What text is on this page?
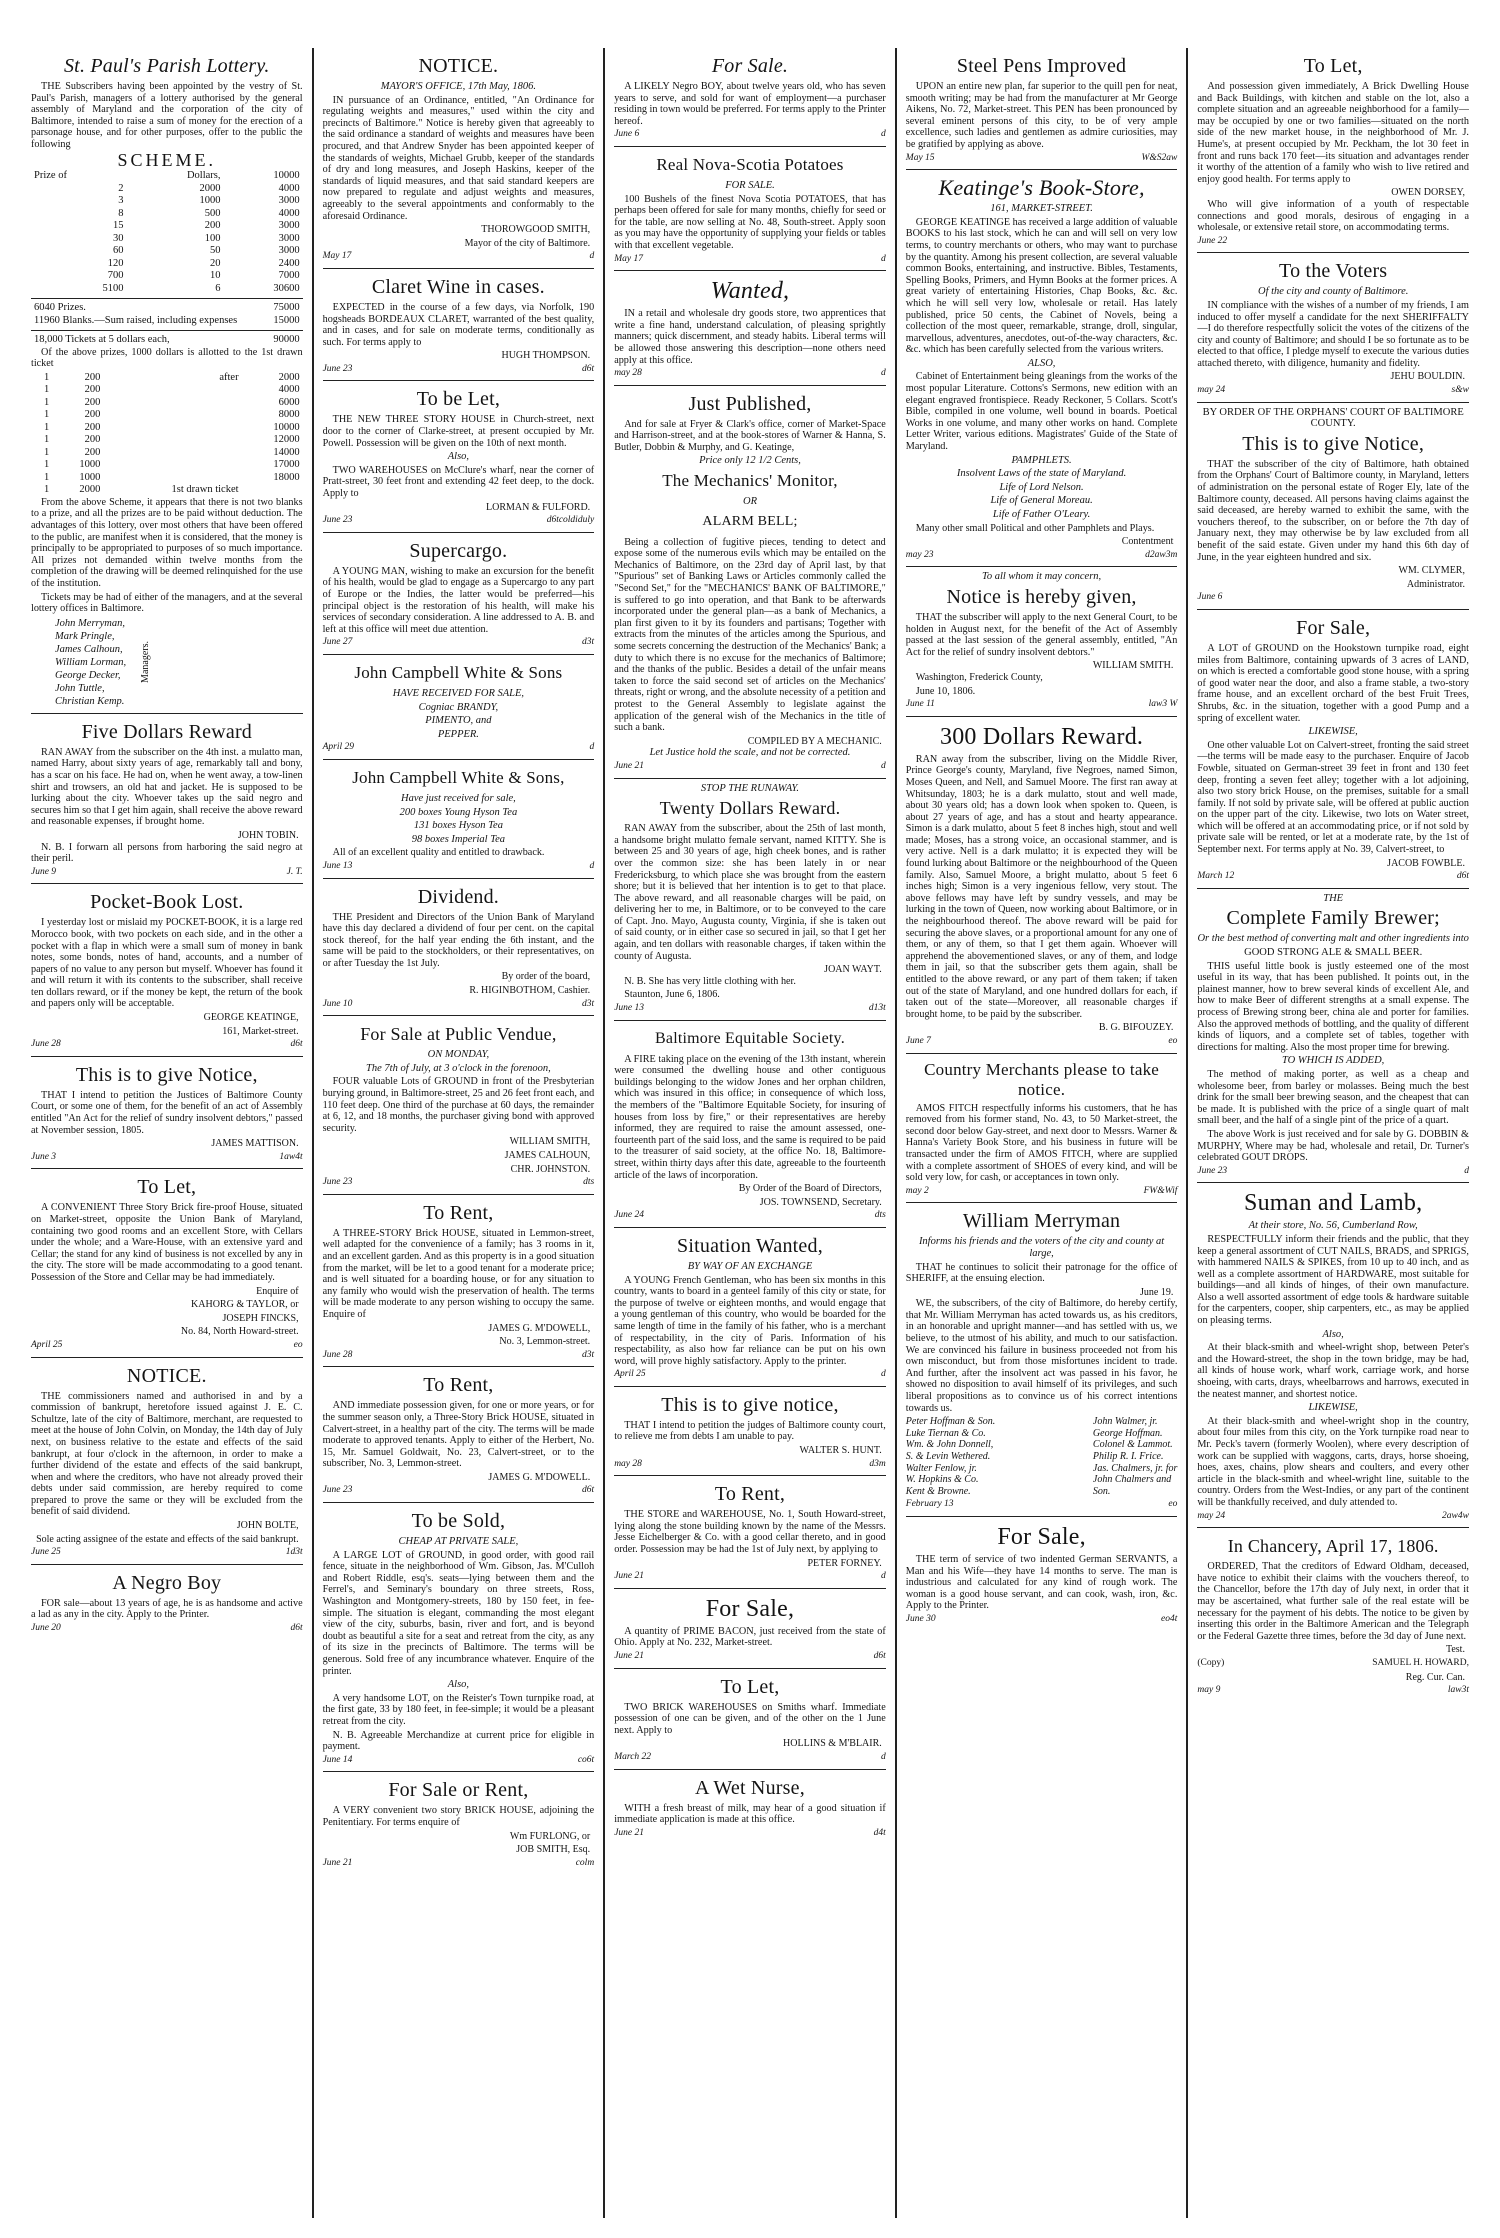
St. Paul's Parish Lottery.
THE Subscribers having been appointed by the vestry of St. Paul's Parish, managers of a lottery authorised by the general assembly of Maryland and the corporation of the city of Baltimore, intended to raise a sum of money for the erection of a parsonage house, and for other purposes, offer to the public the following
SCHEME.
Prize of	Dollars,	10000
2	2000	4000
3	1000	3000
8	500	4000
15	200	3000
30	100	3000
60	50	3000
120	20	2400
700	10	7000
5100	6	30600
6040 Prizes.	75000
11960 Blanks.—Sum raised, including expenses	15000
18,000 Tickets at 5 dollars each,	90000
Of the above prizes, 1000 dollars is allotted to the 1st drawn ticket
1	200	after	2000
1	200		4000
1	200		6000
1	200		8000
1	200		10000
1	200		12000
1	200		14000
1	1000		17000
1	1000		18000
1	2000	1st drawn ticket	
From the above Scheme, it appears that there is not two blanks to a prize, and all the prizes are to be paid without deduction. The advantages of this lottery, over most others that have been offered to the public, are manifest when it is considered, that the money is principally to be appropriated to purposes of so much importance. All prizes not demanded within twelve months from the completion of the drawing will be deemed relinquished for the use of the institution.
Tickets may be had of either of the managers, and at the several lottery offices in Baltimore.
John Merryman,
Mark Pringle,
James Calhoun,
William Lorman,
George Decker,
John Tuttle,
Christian Kemp.
Managers.
Five Dollars Reward
RAN AWAY from the subscriber on the 4th inst. a mulatto man, named Harry, about sixty years of age, remarkably tall and bony, has a scar on his face. He had on, when he went away, a tow-linen shirt and trowsers, an old hat and jacket. He is supposed to be lurking about the city. Whoever takes up the said negro and secures him so that I get him again, shall receive the above reward and reasonable expenses, if brought home.
JOHN TOBIN.
N. B. I forwarn all persons from harboring the said negro at their peril.
June 9	J. T.
Pocket-Book Lost.
I yesterday lost or mislaid my POCKET-BOOK, it is a large red Morocco book, with two pockets on each side, and in the other a pocket with a flap in which were a small sum of money in bank notes, some bonds, notes of hand, accounts, and a number of papers of no value to any person but myself. Whoever has found it and will return it with its contents to the subscriber, shall receive ten dollars reward, or if the money be kept, the return of the book and papers only will be acceptable.
GEORGE KEATINGE,
161, Market-street.
June 28	d6t
This is to give Notice,
THAT I intend to petition the Justices of Baltimore County Court, or some one of them, for the benefit of an act of Assembly entitled "An Act for the relief of sundry insolvent debtors," passed at November session, 1805.
JAMES MATTISON.
June 3	1aw4t
To Let,
A CONVENIENT Three Story Brick fire-proof House, situated on Market-street, opposite the Union Bank of Maryland, containing two good rooms and an excellent Store, with Cellars under the whole; and a Ware-House, with an extensive yard and Cellar; the stand for any kind of business is not excelled by any in the city. The store will be made accommodating to a good tenant. Possession of the Store and Cellar may be had immediately.
Enquire of
KAHORG & TAYLOR, or
JOSEPH FINCKS,
No. 84, North Howard-street.
April 25	eo
NOTICE.
THE commissioners named and authorised in and by a commission of bankrupt, heretofore issued against J. E. C. Schultze, late of the city of Baltimore, merchant, are requested to meet at the house of John Colvin, on Monday, the 14th day of July next, on business relative to the estate and effects of the said bankrupt, at four o'clock in the afternoon, in order to make a further dividend of the estate and effects of the said bankrupt, when and where the creditors, who have not already proved their debts under said commission, are hereby required to come prepared to prove the same or they will be excluded from the benefit of said dividend.
JOHN BOLTE,
Sole acting assignee of the estate and effects of the said bankrupt.
June 25	1d3t
A Negro Boy
FOR sale—about 13 years of age, he is as handsome and active a lad as any in the city. Apply to the Printer.
June 20	d6t
NOTICE.
MAYOR'S OFFICE, 17th May, 1806.
IN pursuance of an Ordinance, entitled, "An Ordinance for regulating weights and measures," used within the city and precincts of Baltimore." Notice is hereby given that agreeably to the said ordinance a standard of weights and measures have been procured, and that Andrew Snyder has been appointed keeper of the standards of weights, Michael Grubb, keeper of the standards of dry and long measures, and Joseph Haskins, keeper of the standards of liquid measures, and that said standard keepers are now prepared to regulate and adjust weights and measures, agreeably to the several appointments and conformably to the aforesaid Ordinance.
THOROWGOOD SMITH,
Mayor of the city of Baltimore.
May 17	d
Claret Wine in cases.
EXPECTED in the course of a few days, via Norfolk, 190 hogsheads BORDEAUX CLARET, warranted of the best quality, and in cases, and for sale on moderate terms, conditionally as such. For terms apply to
HUGH THOMPSON.
June 23	d6t
To be Let,
THE NEW THREE STORY HOUSE in Church-street, next door to the corner of Clarke-street, at present occupied by Mr. Powell. Possession will be given on the 10th of next month.
Also,
TWO WAREHOUSES on McClure's wharf, near the corner of Pratt-street, 30 feet front and extending 42 feet deep, to the dock. Apply to
LORMAN & FULFORD.
June 23	d6tcoldiduly
Supercargo.
A YOUNG MAN, wishing to make an excursion for the benefit of his health, would be glad to engage as a Supercargo to any part of Europe or the Indies, the latter would be preferred—his principal object is the restoration of his health, will make his services of secondary consideration. A line addressed to A. B. and left at this office will meet due attention.
June 27	d3t
John Campbell White & Sons
HAVE RECEIVED FOR SALE,
Cogniac BRANDY,
PIMENTO, and
PEPPER.
April 29	d
John Campbell White & Sons,
Have just received for sale,
200 boxes Young Hyson Tea
131 boxes Hyson Tea
98 boxes Imperial Tea
All of an excellent quality and entitled to drawback.
June 13	d
Dividend.
THE President and Directors of the Union Bank of Maryland have this day declared a dividend of four per cent. on the capital stock thereof, for the half year ending the 6th instant, and the same will be paid to the stockholders, or their representatives, on or after Tuesday the 1st July.
By order of the board,
R. HIGINBOTHOM, Cashier.
June 10	d3t
For Sale at Public Vendue,
ON MONDAY,
The 7th of July, at 3 o'clock in the forenoon,
FOUR valuable Lots of GROUND in front of the Presbyterian burying ground, in Baltimore-street, 25 and 26 feet front each, and 110 feet deep. One third of the purchase at 60 days, the remainder at 6, 12, and 18 months, the purchaser giving bond with approved security.
WILLIAM SMITH,
JAMES CALHOUN,
CHR. JOHNSTON.
June 23	dts
To Rent,
A THREE-STORY Brick HOUSE, situated in Lemmon-street, well adapted for the convenience of a family; has 3 rooms in it, and an excellent garden. And as this property is in a good situation from the market, will be let to a good tenant for a moderate price; and is well situated for a boarding house, or for any situation to any family who would wish the preservation of health. The terms will be made moderate to any person wishing to occupy the same. Enquire of
JAMES G. M'DOWELL,
No. 3, Lemmon-street.
June 28	d3t
To Rent,
AND immediate possession given, for one or more years, or for the summer season only, a Three-Story Brick HOUSE, situated in Calvert-street, in a healthy part of the city. The terms will be made moderate to approved tenants. Apply to either of the Herbert, No. 15, Mr. Samuel Goldwait, No. 23, Calvert-street, or to the subscriber, No. 3, Lemmon-street.
JAMES G. M'DOWELL.
June 23	d6t
To be Sold,
CHEAP AT PRIVATE SALE,
A LARGE LOT of GROUND, in good order, with good rail fence, situate in the neighborhood of Wm. Gibson, Jas. M'Culloh and Robert Riddle, esq's. seats—lying between them and the Ferrel's, and Seminary's boundary on three streets, Ross, Washington and Montgomery-streets, 180 by 150 feet, in fee-simple. The situation is elegant, commanding the most elegant view of the city, suburbs, basin, river and fort, and is beyond doubt as beautiful a site for a seat and retreat from the city, as any of its size in the precincts of Baltimore. The terms will be generous. Sold free of any incumbrance whatever. Enquire of the printer.
Also,
A very handsome LOT, on the Reister's Town turnpike road, at the first gate, 33 by 180 feet, in fee-simple; it would be a pleasant retreat from the city.
N. B. Agreeable Merchandize at current price for eligible in payment.
June 14	co6t
For Sale or Rent,
A VERY convenient two story BRICK HOUSE, adjoining the Penitentiary. For terms enquire of
Wm FURLONG, or
JOB SMITH, Esq.
June 21	colm
For Sale.
A LIKELY Negro BOY, about twelve years old, who has seven years to serve, and sold for want of employment—a purchaser residing in town would be preferred. For terms apply to the Printer hereof.
June 6	d
Real Nova-Scotia Potatoes
FOR SALE.
100 Bushels of the finest Nova Scotia POTATOES, that has perhaps been offered for sale for many months, chiefly for seed or for the table, are now selling at No. 48, South-street. Apply soon as you may have the opportunity of supplying your fields or tables with that excellent vegetable.
May 17	d
Wanted,
IN a retail and wholesale dry goods store, two apprentices that write a fine hand, understand calculation, of pleasing sprightly manners; quick discernment, and steady habits. Liberal terms will be allowed those answering this description—none others need apply at this office.
may 28	d
Just Published,
And for sale at Fryer & Clark's office, corner of Market-Space and Harrison-street, and at the book-stores of Warner & Hanna, S. Butler, Dobbin & Murphy, and G. Keatinge,
Price only 12 1/2 Cents,
The Mechanics' Monitor,
OR
ALARM BELL;
Being a collection of fugitive pieces, tending to detect and expose some of the numerous evils which may be entailed on the Mechanics of Baltimore, on the 23rd day of April last, by that "Spurious" set of Banking Laws or Articles commonly called the "Second Set," for the "MECHANICS' BANK OF BALTIMORE," is suffered to go into operation, and that Bank to be afterwards incorporated under the general plan—as a bank of Mechanics, a plan first given to it by its founders and partisans; Together with extracts from the minutes of the articles among the Spurious, and some secrets concerning the destruction of the Mechanics' Bank; a duty to which there is no excuse for the mechanics of Baltimore; and the thanks of the public. Besides a detail of the unfair means taken to force the said second set of articles on the Mechanics' threats, right or wrong, and the absolute necessity of a petition and protest to the General Assembly to legislate against the application of the general wish of the Mechanics in the title of such a bank.
COMPILED BY A MECHANIC.
Let Justice hold the scale, and not be corrected.
June 21	d
STOP THE RUNAWAY.
Twenty Dollars Reward.
RAN AWAY from the subscriber, about the 25th of last month, a handsome bright mulatto female servant, named KITTY. She is between 25 and 30 years of age, high cheek bones, and is rather over the common size: she has been lately in or near Fredericksburg, to which place she was brought from the eastern shore; but it is believed that her intention is to get to that place. The above reward, and all reasonable charges will be paid, on delivering her to me, in Baltimore, or to be conveyed to the care of Capt. Jno. Mayo, Augusta county, Virginia, if she is taken out of said county, or in either case so secured in jail, so that I get her again, and ten dollars with reasonable charges, if taken within the county of Augusta.
JOAN WAYT.
N. B. She has very little clothing with her.
Staunton, June 6, 1806.
June 13	d13t
Baltimore Equitable Society.
A FIRE taking place on the evening of the 13th instant, wherein were consumed the dwelling house and other contiguous buildings belonging to the widow Jones and her orphan children, which was insured in this office; in consequence of which loss, the members of the "Baltimore Equitable Society, for insuring of houses from loss by fire," or their representatives are hereby informed, they are required to raise the amount assessed, one-fourteenth part of the said loss, and the same is required to be paid to the treasurer of said society, at the office No. 18, Baltimore-street, within thirty days after this date, agreeable to the fourteenth article of the laws of incorporation.
By Order of the Board of Directors,
JOS. TOWNSEND, Secretary.
June 24	dts
Situation Wanted,
BY WAY OF AN EXCHANGE
A YOUNG French Gentleman, who has been six months in this country, wants to board in a genteel family of this city or state, for the purpose of twelve or eighteen months, and would engage that a young gentleman of this country, who would be boarded for the same length of time in the family of his father, who is a merchant of respectability, in the city of Paris. Information of his respectability, as also how far reliance can be put on his own word, will prove highly satisfactory. Apply to the printer.
April 25	d
This is to give notice,
THAT I intend to petition the judges of Baltimore county court, to relieve me from debts I am unable to pay.
WALTER S. HUNT.
may 28	d3m
To Rent,
THE STORE and WAREHOUSE, No. 1, South Howard-street, lying along the stone building known by the name of the Messrs. Jesse Eichelberger & Co. with a good cellar thereto, and in good order. Possession may be had the 1st of July next, by applying to
PETER FORNEY.
June 21	d
For Sale,
A quantity of PRIME BACON, just received from the state of Ohio. Apply at No. 232, Market-street.
June 21	d6t
To Let,
TWO BRICK WAREHOUSES on Smiths wharf. Immediate possession of one can be given, and of the other on the 1 June next. Apply to
HOLLINS & M'BLAIR.
March 22	d
A Wet Nurse,
WITH a fresh breast of milk, may hear of a good situation if immediate application is made at this office.
June 21	d4t
Steel Pens Improved
UPON an entire new plan, far superior to the quill pen for neat, smooth writing; may be had from the manufacturer at Mr George Aikens, No. 72, Market-street. This PEN has been pronounced by several eminent persons of this city, to be of very ample excellence, such ladies and gentlemen as admire curiosities, may be gratified by applying as above.
May 15	W&S2aw
Keatinge's Book-Store,
161, MARKET-STREET.
GEORGE KEATINGE has received a large addition of valuable BOOKS to his last stock, which he can and will sell on very low terms, to country merchants or others, who may want to purchase by the quantity. Among his present collection, are several valuable common Books, entertaining, and instructive. Bibles, Testaments, Spelling Books, Primers, and Hymn Books at the former prices. A great variety of entertaining Histories, Chap Books, &c. &c. which he will sell very low, wholesale or retail. Has lately published, price 50 cents, the Cabinet of Novels, being a collection of the most queer, remarkable, strange, droll, singular, marvellous, adventures, anecdotes, out-of-the-way characters, &c. &c. which has been carefully selected from the various writers.
ALSO,
Cabinet of Entertainment being gleanings from the works of the most popular Literature. Cottons's Sermons, new edition with an elegant engraved frontispiece. Ready Reckoner, 5 Collars. Scott's Bible, compiled in one volume, well bound in boards. Poetical Works in one volume, and many other works on hand. Complete Letter Writer, various editions. Magistrates' Guide of the State of Maryland.
PAMPHLETS.
Insolvent Laws of the state of Maryland.
Life of Lord Nelson.
Life of General Moreau.
Life of Father O'Leary.
Many other small Political and other Pamphlets and Plays.
Contentment
may 23	d2aw3m
To all whom it may concern,
Notice is hereby given,
THAT the subscriber will apply to the next General Court, to be holden in August next, for the benefit of the Act of Assembly passed at the last session of the general assembly, entitled, "An Act for the relief of sundry insolvent debtors."
WILLIAM SMITH.
Washington, Frederick County,
June 10, 1806.
June 11	law3 W
300 Dollars Reward.
RAN away from the subscriber, living on the Middle River, Prince George's county, Maryland, five Negroes, named Simon, Moses Queen, and Nell, and Samuel Moore. The first ran away at Whitsunday, 1803; he is a dark mulatto, stout and well made, about 30 years old; has a down look when spoken to. Queen, is about 27 years of age, and has a stout and hearty appearance. Simon is a dark mulatto, about 5 feet 8 inches high, stout and well made; Moses, has a strong voice, an occasional stammer, and is very active. Nell is a dark mulatto; it is expected they will be found lurking about Baltimore or the neighbourhood of the Queen family. Also, Samuel Moore, a bright mulatto, about 5 feet 6 inches high; Simon is a very ingenious fellow, very stout. The above fellows may have left by sundry vessels, and may be lurking in the town of Queen, now working about Baltimore, or in the neighbourhood thereof. The above reward will be paid for securing the above slaves, or a proportional amount for any one of them, or any of them, so that I get them again. Whoever will apprehend the abovementioned slaves, or any of them, and lodge them in jail, so that the subscriber gets them again, shall be entitled to the above reward, or any part of them taken; if taken out of the state of Maryland, and one hundred dollars for each, if taken out of the state—Moreover, all reasonable charges if brought home, to be paid by the subscriber.
B. G. BIFOUZEY.
June 7	eo
Country Merchants please to take notice.
AMOS FITCH respectfully informs his customers, that he has removed from his former stand, No. 43, to 50 Market-street, the second door below Gay-street, and next door to Messrs. Warner & Hanna's Variety Book Store, and his business in future will be transacted under the firm of AMOS FITCH, where are supplied with a complete assortment of SHOES of every kind, and will be sold very low, for cash, or acceptances in town only.
may 2	FW&Wif
William Merryman
Informs his friends and the voters of the city and county at large,
THAT he continues to solicit their patronage for the office of SHERIFF, at the ensuing election.
June 19.
WE, the subscribers, of the city of Baltimore, do hereby certify, that Mr. William Merryman has acted towards us, as his creditors, in an honorable and upright manner—and has settled with us, we believe, to the utmost of his ability, and much to our satisfaction. We are convinced his failure in business proceeded not from his own misconduct, but from those misfortunes incident to trade. And further, after the insolvent act was passed in his favor, he showed no disposition to avail himself of its privileges, and such liberal propositions as to convince us of his correct intentions towards us.
Peter Hoffman & Son.
Luke Tiernan & Co.
Wm. & John Donnell,
S. & Levin Wethered.
Walter Fenlow, jr.
W. Hopkins & Co.
Kent & Browne.
John Walmer, jr.
George Hoffman.
Colonel & Lammot.
Philip R. I. Frice.
Jas. Chalmers, jr. for
John Chalmers and
Son.
February 13	eo
For Sale,
THE term of service of two indented German SERVANTS, a Man and his Wife—they have 14 months to serve. The man is industrious and calculated for any kind of rough work. The woman is a good house servant, and can cook, wash, iron, &c. Apply to the Printer.
June 30	eo4t
To Let,
And possession given immediately, A Brick Dwelling House and Back Buildings, with kitchen and stable on the lot, also a complete situation and an agreeable neighborhood for a family—may be occupied by one or two families—situated on the north side of the new market house, in the neighborhood of Mr. J. Hume's, at present occupied by Mr. Peckham, the lot 30 feet in front and runs back 170 feet—its situation and advantages render it worthy of the attention of a family who wish to live retired and enjoy good health. For terms apply to
OWEN DORSEY,
Who will give information of a youth of respectable connections and good morals, desirous of engaging in a wholesale, or extensive retail store, on accommodating terms.
June 22
To the Voters
Of the city and county of Baltimore.
IN compliance with the wishes of a number of my friends, I am induced to offer myself a candidate for the next SHERIFFALTY—I do therefore respectfully solicit the votes of the citizens of the city and county of Baltimore; and should I be so fortunate as to be elected to that office, I pledge myself to execute the various duties attached thereto, with diligence, humanity and fidelity.
JEHU BOULDIN.
may 24	s&w
BY ORDER OF THE ORPHANS' COURT OF BALTIMORE COUNTY.
This is to give Notice,
THAT the subscriber of the city of Baltimore, hath obtained from the Orphans' Court of Baltimore county, in Maryland, letters of administration on the personal estate of Roger Ely, late of the Baltimore county, deceased. All persons having claims against the said deceased, are hereby warned to exhibit the same, with the vouchers thereof, to the subscriber, on or before the 7th day of January next, they may otherwise be by law excluded from all benefit of the said estate. Given under my hand this 6th day of June, in the year eighteen hundred and six.
WM. CLYMER,
Administrator.
June 6
For Sale,
A LOT of GROUND on the Hookstown turnpike road, eight miles from Baltimore, containing upwards of 3 acres of LAND, on which is erected a comfortable good stone house, with a spring of good water near the door, and also a frame stable, a two-story frame house, and an excellent orchard of the best Fruit Trees, Shrubs, &c. in the situation, together with a good Pump and a spring of excellent water.
LIKEWISE,
One other valuable Lot on Calvert-street, fronting the said street—the terms will be made easy to the purchaser. Enquire of Jacob Fowble, situated on German-street 39 feet in front and 130 feet deep, fronting a seven feet alley; together with a lot adjoining, also two story brick House, on the premises, suitable for a small family. If not sold by private sale, will be offered at public auction on the upper part of the city. Likewise, two lots on Water street, which will be offered at an accommodating price, or if not sold by private sale will be rented, or let at a moderate rate, by the 1st of September next. For terms apply at No. 39, Calvert-street, to
JACOB FOWBLE.
March 12	d6t
THE
Complete Family Brewer;
Or the best method of converting malt and other ingredients into
GOOD STRONG ALE & SMALL BEER.
THIS useful little book is justly esteemed one of the most useful in its way, that has been published. It points out, in the plainest manner, how to brew several kinds of excellent Ale, and how to make Beer of different strengths at a small expense. The process of Brewing strong beer, china ale and porter for families. Also the approved methods of bottling, and the quality of different kinds of liquors, and a complete set of tables, together with directions for malting. Also the most proper time for brewing.
TO WHICH IS ADDED,
The method of making porter, as well as a cheap and wholesome beer, from barley or molasses. Being much the best drink for the small beer brewing season, and the cheapest that can be made. It is published with the price of a single quart of malt small beer, and the half of a single pint of the price of a quart.
The above Work is just received and for sale by G. DOBBIN & MURPHY, Where may be had, wholesale and retail, Dr. Turner's celebrated GOUT DROPS.
June 23	d
Suman and Lamb,
At their store, No. 56, Cumberland Row,
RESPECTFULLY inform their friends and the public, that they keep a general assortment of CUT NAILS, BRADS, and SPRIGS, with hammered NAILS & SPIKES, from 10 up to 40 inch, and as well as a complete assortment of HARDWARE, most suitable for buildings—and all kinds of hinges, of their own manufacture. Also a well assorted assortment of edge tools & hardware suitable for the carpenters, cooper, ship carpenters, etc., as may be applied on pleasing terms.
Also,
At their black-smith and wheel-wright shop, between Peter's and the Howard-street, the shop in the town bridge, may be had, all kinds of house work, wharf work, carriage work, and horse shoeing, with carts, drays, wheelbarrows and harrows, executed in the neatest manner, and shortest notice.
LIKEWISE,
At their black-smith and wheel-wright shop in the country, about four miles from this city, on the York turnpike road near to Mr. Peck's tavern (formerly Woolen), where every description of work can be supplied with waggons, carts, drays, horse shoeing, hoes, axes, chains, plow shears and coulters, and every other article in the black-smith and wheel-wright line, suitable to the country. Orders from the West-Indies, or any part of the continent will be thankfully received, and duly attended to.
may 24	2aw4w
In Chancery, April 17, 1806.
ORDERED, That the creditors of Edward Oldham, deceased, have notice to exhibit their claims with the vouchers thereof, to the Chancellor, before the 17th day of July next, in order that it may be ascertained, what further sale of the real estate will be necessary for the payment of his debts. The notice to be given by inserting this order in the Baltimore American and the Telegraph or the Federal Gazette three times, before the 3d day of June next.
Test.
(Copy)	SAMUEL H. HOWARD,
Reg. Cur. Can.
may 9	law3t
